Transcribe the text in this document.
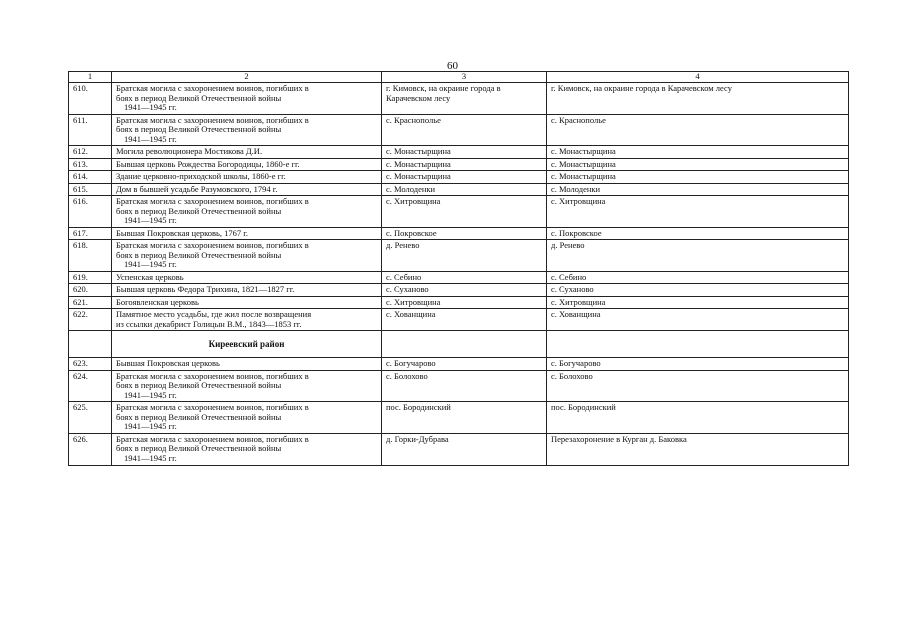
60
1	2	3	4
610.	Братская могила с захоронением воинов, погибших в
боях в период Великой Отечественной войны
1941—1945 гг.	г. Кимовск, на окраине города в Карачевском лесу	г. Кимовск, на окраине города в Карачевском лесу
611.	Братская могила с захоронением воинов, погибших в
боях в период Великой Отечественной войны
1941—1945 гг.	с. Краснополье	с. Краснополье
612.	Могила революционера Мостикова Д.И.	с. Монастырщина	с. Монастырщина
613.	Бывшая церковь Рождества Богородицы, 1860-е гг.	с. Монастырщина	с. Монастырщина
614.	Здание церковно-приходской школы, 1860-е гг.	с. Монастырщина	с. Монастырщина
615.	Дом в бывшей усадьбе Разумовского, 1794 г.	с. Молоденки	с. Молоденки
616.	Братская могила с захоронением воинов, погибших в
боях в период Великой Отечественной войны
1941—1945 гг.	с. Хитровщина	с. Хитровщина
617.	Бывшая Покровская церковь, 1767 г.	с. Покровское	с. Покровское
618.	Братская могила с захоронением воинов, погибших в
боях в период Великой Отечественной войны
1941—1945 гг.	д. Ренево	д. Ренево
619.	Успенская церковь	с. Себино	с. Себино
620.	Бывшая церковь Федора Трихина, 1821—1827 гг.	с. Суханово	с. Суханово
621.	Богоявленская церковь	с. Хитровщина	с. Хитровщина
622.	Памятное место усадьбы, где жил после возвращения
из ссылки декабрист Голицын В.М., 1843—1853 гг.	с. Хованщина	с. Хованщина
	Киреевский район		
623.	Бывшая Покровская церковь	с. Богучарово	с. Богучарово
624.	Братская могила с захоронением воинов, погибших в
боях в период Великой Отечественной войны
1941—1945 гг.	с. Болохово	с. Болохово
625.	Братская могила с захоронением воинов, погибших в
боях в период Великой Отечественной войны
1941—1945 гг.	пос. Бородинский	пос. Бородинский
626.	Братская могила с захоронением воинов, погибших в
боях в период Великой Отечественной войны
1941—1945 гг.	д. Горки-Дубрава	Перезахоронение в Курган д. Баковка
